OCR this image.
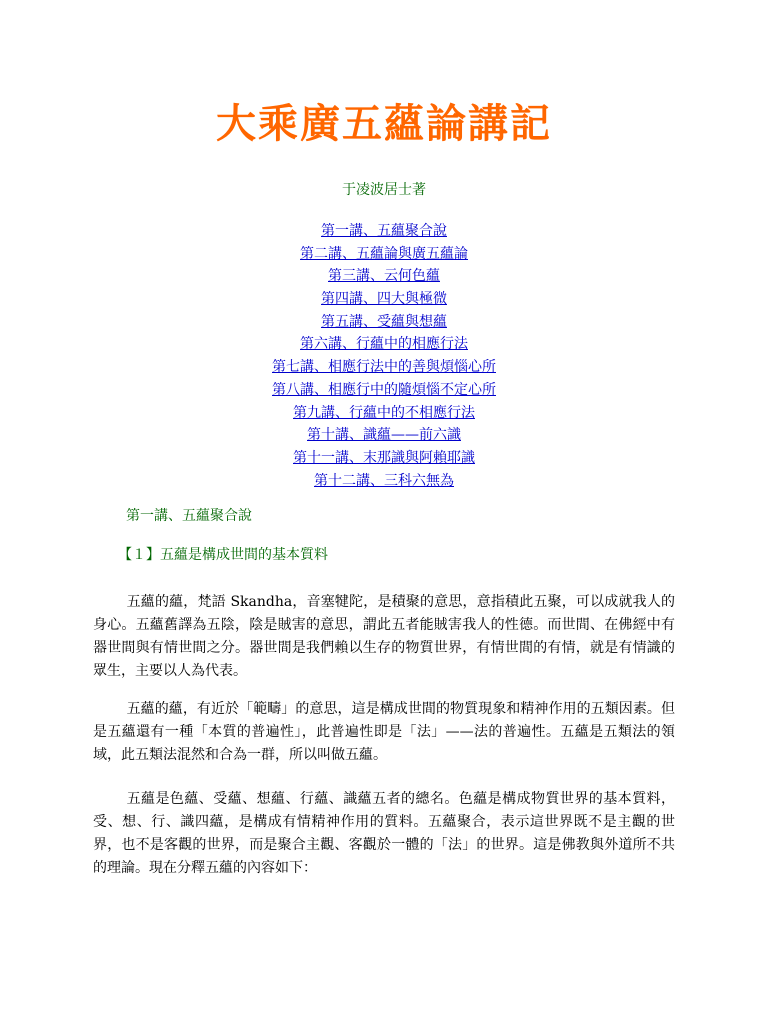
大乘廣五蘊論講記
于凌波居士著
第一講、五蘊聚合說
第二講、五蘊論與廣五蘊論
第三講、云何色蘊
第四講、四大與極微
第五講、受蘊與想蘊
第六講、行蘊中的相應行法
第七講、相應行法中的善與煩惱心所
第八講、相應行中的隨煩惱不定心所
第九講、行蘊中的不相應行法
第十講、識蘊——前六識
第十一講、末那識與阿賴耶識
第十二講、三科六無為
第一講、五蘊聚合說
【１】五蘊是構成世間的基本質料

五蘊的蘊，梵語 Skandha，音塞犍陀，是積聚的意思，意指積此五聚，可以成就我人的身心。五蘊舊譯為五陰，陰是賊害的意思，謂此五者能賊害我人的性德。而世間、在佛經中有器世間與有情世間之分。器世間是我們賴以生存的物質世界，有情世間的有情，就是有情識的眾生，主要以人為代表。

五蘊的蘊，有近於「範疇」的意思，這是構成世間的物質現象和精神作用的五類因素。但是五蘊還有一種「本質的普遍性」，此普遍性即是「法」——法的普遍性。五蘊是五類法的領域，此五類法混然和合為一群，所以叫做五蘊。

五蘊是色蘊、受蘊、想蘊、行蘊、識蘊五者的總名。色蘊是構成物質世界的基本質料，受、想、行、識四蘊，是構成有情精神作用的質料。五蘊聚合，表示這世界既不是主觀的世界，也不是客觀的世界，而是聚合主觀、客觀於一體的「法」的世界。這是佛教與外道所不共的理論。現在分釋五蘊的內容如下：
